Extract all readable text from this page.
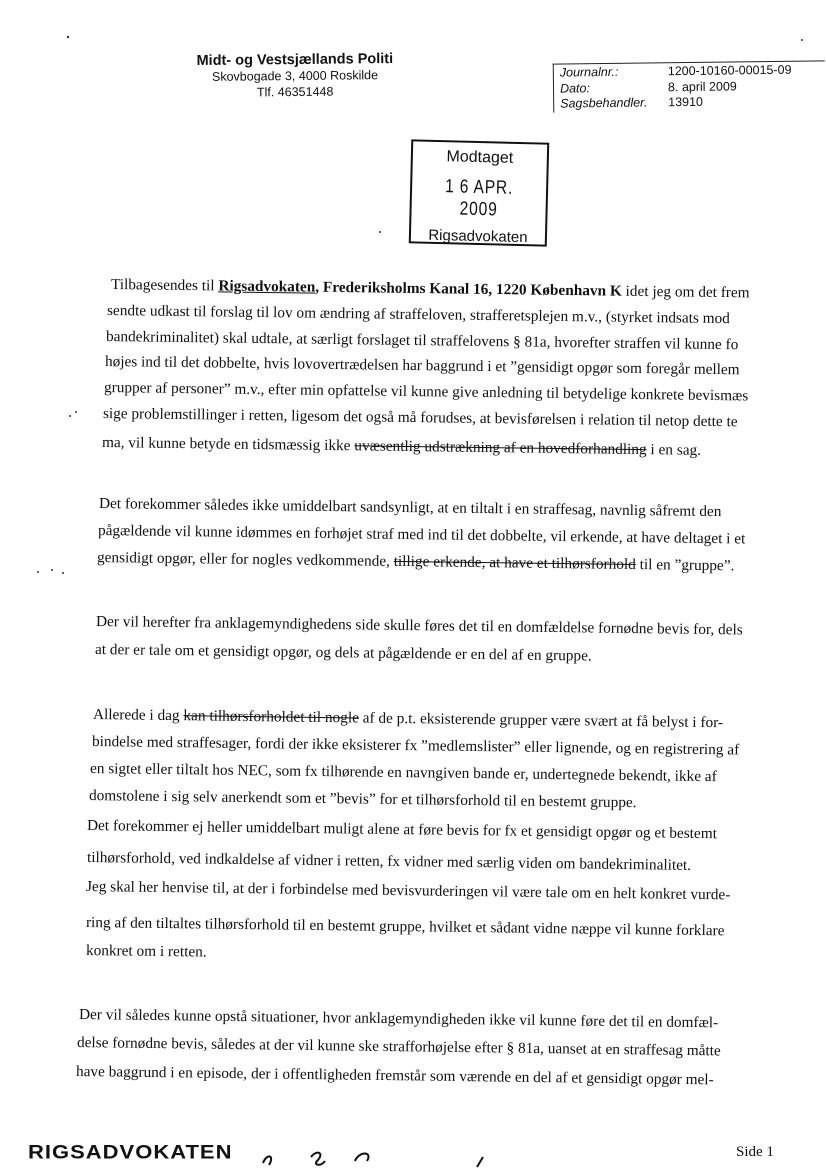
Midt- og Vestsjællands Politi
Skovbogade 3, 4000 Roskilde
Tlf. 46351448
Journalnr.:	1200-10160-00015-09
Dato:	8. april 2009
Sagsbehandler.	13910
Modtaget
1 6 APR. 2009
Rigsadvokaten
Tilbagesendes til Rigsadvokaten, Frederiksholms Kanal 16, 1220 København K idet jeg om det frem
sendte udkast til forslag til lov om ændring af straffeloven, strafferetsplejen m.v., (styrket indsats mod
bandekriminalitet) skal udtale, at særligt forslaget til straffelovens § 81a, hvorefter straffen vil kunne fo
højes ind til det dobbelte, hvis lovovertrædelsen har baggrund i et ”gensidigt opgør som foregår mellem
grupper af personer” m.v., efter min opfattelse vil kunne give anledning til betydelige konkrete bevismæs
sige problemstillinger i retten, ligesom det også må forudses, at bevisførelsen i relation til netop dette te
ma, vil kunne betyde en tidsmæssig ikke uvæsentlig udstrækning af en hovedforhandling i en sag.
Det forekommer således ikke umiddelbart sandsynligt, at en tiltalt i en straffesag, navnlig såfremt den
pågældende vil kunne idømmes en forhøjet straf med ind til det dobbelte, vil erkende, at have deltaget i et
gensidigt opgør, eller for nogles vedkommende, tillige erkende, at have et tilhørsforhold til en ”gruppe”.
Der vil herefter fra anklagemyndighedens side skulle føres det til en domfældelse fornødne bevis for, dels
at der er tale om et gensidigt opgør, og dels at pågældende er en del af en gruppe.
Allerede i dag kan tilhørsforholdet til nogle af de p.t. eksisterende grupper være svært at få belyst i for-
bindelse med straffesager, fordi der ikke eksisterer fx ”medlemslister” eller lignende, og en registrering af
en sigtet eller tiltalt hos NEC, som fx tilhørende en navngiven bande er, undertegnede bekendt, ikke af
domstolene i sig selv anerkendt som et ”bevis” for et tilhørsforhold til en bestemt gruppe.
Det forekommer ej heller umiddelbart muligt alene at føre bevis for fx et gensidigt opgør og et bestemt
tilhørsforhold, ved indkaldelse af vidner i retten, fx vidner med særlig viden om bandekriminalitet.
Jeg skal her henvise til, at der i forbindelse med bevisvurderingen vil være tale om en helt konkret vurde-
ring af den tiltaltes tilhørsforhold til en bestemt gruppe, hvilket et sådant vidne næppe vil kunne forklare
konkret om i retten.
Der vil således kunne opstå situationer, hvor anklagemyndigheden ikke vil kunne føre det til en domfæl-
delse fornødne bevis, således at der vil kunne ske strafforhøjelse efter § 81a, uanset at en straffesag måtte
have baggrund i en episode, der i offentligheden fremstår som værende en del af et gensidigt opgør mel-
RIGSADVOKATEN	Side 1
